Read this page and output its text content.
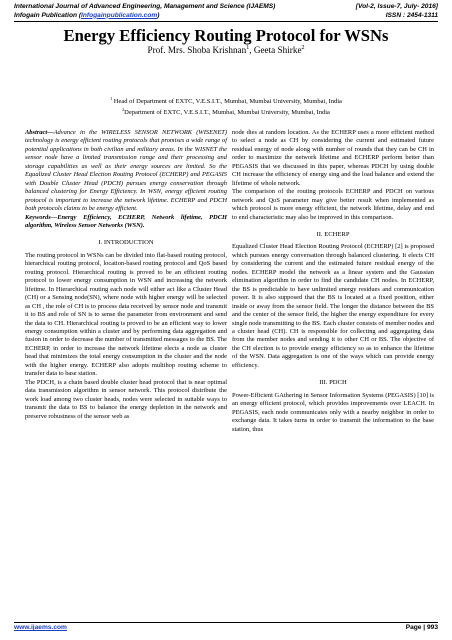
International Journal of Advanced Engineering, Management and Science (IJAEMS)	[Vol-2, Issue-7, July- 2016]
Infogain Publication (Infogainpublication.com)	ISSN : 2454-1311
Energy Efficiency Routing Protocol for WSNs
Prof. Mrs. Shoba Krishnan$^1$, Geeta Shirke$^2$
$^1$ Head of Department of EXTC, V.E.S.I.T., Mumbai, Mumbai University, Mumbai, India
$^2$Department of EXTC, V.E.S.I.T., Mumbai, Mumbai University, Mumbai, India

Abstract—Advance in the WIRELESS SENSOR NETWORK (WISENET) technology is energy efficient routing protocols that promises a wide range of potential applications in both civilian and military areas. In the WISNET the sensor node have a limited transmission range and their processing and storage capabilities as well as their energy sources are limited. So the Equalized Cluster Head Election Routing Protocol (ECHERP) and PEGASIS with Double Cluster Head (PDCH) pursues energy conservation through balanced clustering for Energy Efficiency. In WSN, energy efficient routing protocol is important to increase the network lifetime. ECHERP and PDCH both protocols claims to be energy efficient.

Keywords—Energy Efficiency, ECHERP, Network lifetime, PDCH algorithm, Wireless Sensor Networks (WSN).

I. INTRODUCTION

The routing protocol in WSNs can be divided into flat-based routing protocol, hierarchical routing protocol, location-based routing protocol and QoS based routing protocol. Hierarchical routing is proved to be an efficient routing protocol to lower energy consumption in WSN and increasing the network lifetime. In Hierarchical routing each node will either act like a Cluster Head (CH) or a Sensing node(SN), where node with higher energy will be selected as CH , the role of CH is to process data received by sensor node and transmit it to BS and role of SN is to sense the parameter from environment and send the data to CH. Hierarchical routing is proved to be an efficient way to lower energy consumption within a cluster and by performing data aggregation and fusion in order to decrease the number of transmitted messages to the BS. The ECHERP, in order to increase the network lifetime elects a node as cluster head that minimizes the total energy consumption in the cluster and the node with the higher energy. ECHERP also adopts multihop routing scheme to transfer data to base station.

The PDCH, is a chain based double cluster head protocol that is near optimal data transmission algorithm in sensor network. This protocol distribute the work load among two cluster heads, nodes were selected in suitable ways to transmit the data to BS to balance the energy depletion in the network and preserve robustness of the sensor web as

node dies at random location. As the ECHERP uses a more efficient method to select a node as CH by considering the current and estimated future residual energy of node along with number of rounds that they can be CH in order to maximize the network lifetime and ECHERP perform better than PEGASIS that we discussed in this paper, whereas PDCH by using double CH increase the efficiency of energy sing and the load balance and extend the lifetime of whole network.

The comparison of the routing protocols ECHERP and PDCH on various network and QoS parameter may give better result when implemented as which protocol is more energy efficient, the network lifetime, delay and end to end characteristic may also be improved in this comparison.

II. ECHERP

Equalized Cluster Head Election Routing Protocol (ECHERP) [2] is proposed which pursues energy conversation through balanced clustering. It elects CH by considering the current and the estimated future residual energy of the nodes. ECHERP model the network as a linear system and the Gaussian elimination algorithm in order to find the candidate CH nodes. In ECHERP, the BS is predictable to have unlimited energy residues and communication power. It is also supposed that the BS is located at a fixed position, either inside or away from the sensor field. The longer the distance between the BS and the center of the sensor field, the higher the energy expenditure for every single node transmitting to the BS. Each cluster consists of member nodes and a cluster head (CH). CH is responsible for collecting and aggregating data from the member nodes and sending it to other CH or BS. The objective of the CH election is to provide energy efficiency so as to enhance the lifetime of the WSN. Data aggregation is one of the ways which can provide energy efficiency.

III. PDCH

Power-Efficient GAthering in Sensor Information Systems (PEGASIS) [10] is an energy efficient protocol, which provides improvements over LEACH. In PEGASIS, each node communicates only with a nearby neighbor in order to exchange data. It takes turns in order to transmit the information to the base station, thus

www.ijaems.com	Page | 993
